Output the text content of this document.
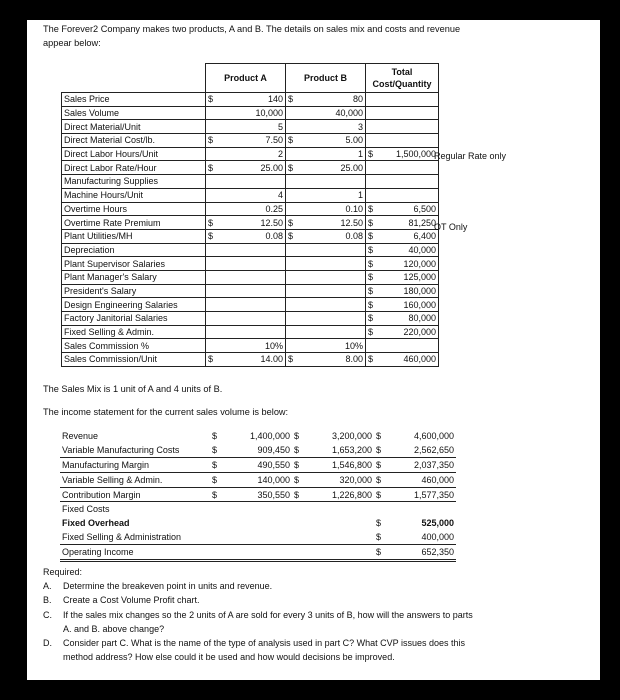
The Forever2 Company makes two products, A and B. The details on sales mix and costs and revenue
appear below:
	Product A	Product B	Total Cost/Quantity
Sales Price	$ 140	$ 80	

Sales Volume	10,000	40,000	

Direct Material/Unit	5	3	

Direct Material Cost/lb.	$ 7.50	$ 5.00	

Direct Labor Hours/Unit	2	1	$ 1,500,000

Direct Labor Rate/Hour	$ 25.00	$ 25.00	

Manufacturing Supplies	

Machine Hours/Unit	4	1	

Overtime Hours	0.25	0.10	$ 6,500

Overtime Rate Premium	$ 12.50	$ 12.50	$ 81,250

Plant Utilities/MH	$ 0.08	$ 0.08	$ 6,400

Depreciation			$ 40,000

Plant Supervisor Salaries			$ 120,000

Plant Manager's Salary			$ 125,000

President's Salary			$ 180,000

Design Engineering Salaries			$ 160,000

Factory Janitorial Salaries			$ 80,000

Fixed Selling & Admin.			$ 220,000

Sales Commission %	10%	10%	

Sales Commission/Unit	$ 14.00	$ 8.00	$ 460,000
Regular Rate only
OT Only
The Sales Mix is 1 unit of A and 4 units of B.
The income statement for the current sales volume is below:
Revenue	$	1,400,000	$	3,200,000	$	4,600,000
Variable Manufacturing Costs	$	909,450	$	1,653,200	$	2,562,650
Manufacturing Margin	$	490,550	$	1,546,800	$	2,037,350
Variable Selling & Admin.	$	140,000	$	320,000	$	460,000
Contribution Margin	$	350,550	$	1,226,800	$	1,577,350
Fixed Costs						
Fixed Overhead					$	525,000
Fixed Selling & Administration					$	400,000
Operating Income					$	652,350
Required:
A.	Determine the breakeven point in units and revenue.
B.	Create a Cost Volume Profit chart.
C.	If the sales mix changes so the 2 units of A are sold for every 3 units of B, how will the answers to parts
A. and B. above change?
D.	Consider part C. What is the name of the type of analysis used in part C? What CVP issues does this
method address? How else could it be used and how would decisions be improved.
